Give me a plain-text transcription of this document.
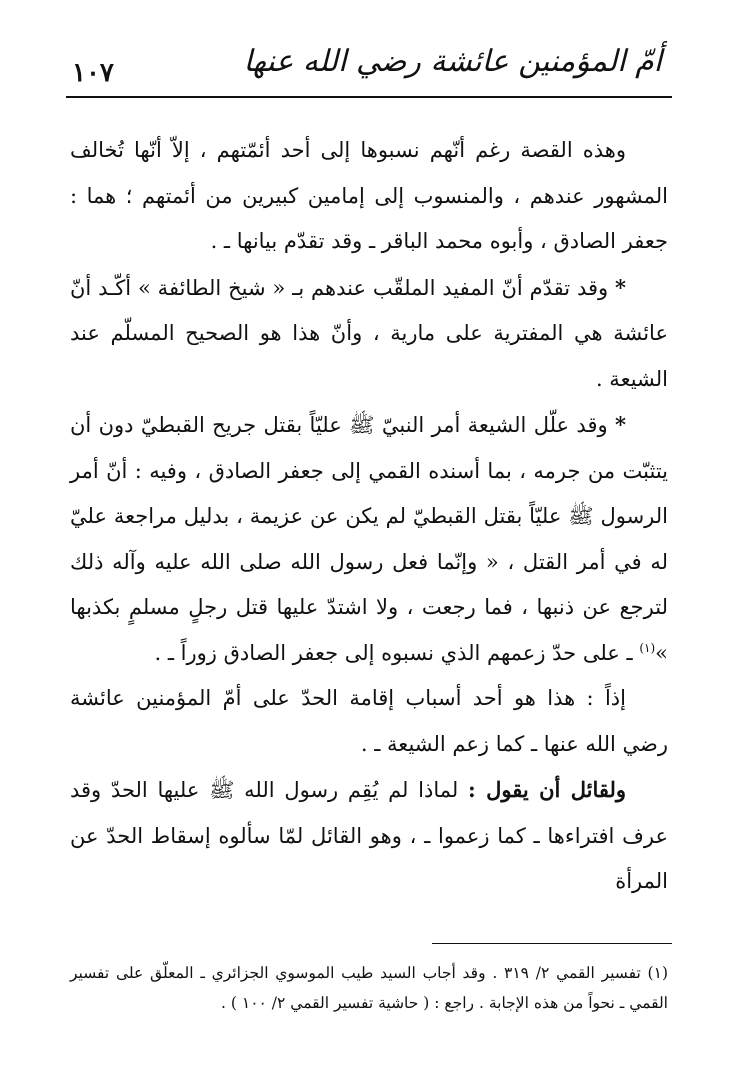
١٠٧	أمّ المؤمنين عائشة رضي الله عنها

وهذه القصة رغم أنّهم نسبوها إلى أحد أئمّتهم ، إلاّ أنّها تُخالف المشهور عندهم ، والمنسوب إلى إمامين كبيرين من أئمتهم ؛ هما : جعفر الصادق ، وأبوه محمد الباقر ـ وقد تقدّم بيانها ـ .

* وقد تقدّم أنّ المفيد الملقّب عندهم بـ « شيخ الطائفة » أكّـد أنّ عائشة هي المفترية على مارية ، وأنّ هذا هو الصحيح المسلّم عند الشيعة .

* وقد علّل الشيعة أمر النبيّ ﷺ عليّاً بقتل جريح القبطيّ دون أن يتثبّت من جرمه ، بما أسنده القمي إلى جعفر الصادق ، وفيه : أنّ أمر الرسول ﷺ عليّاً بقتل القبطيّ لم يكن عن عزيمة ، بدليل مراجعة عليّ له في أمر القتل ، « وإنّما فعل رسول الله صلى الله عليه وآله ذلك لترجع عن ذنبها ، فما رجعت ، ولا اشتدّ عليها قتل رجلٍ مسلمٍ بكذبها »$^{(١)}$ ـ على حدّ زعمهم الذي نسبوه إلى جعفر الصادق زوراً ـ .

إذاً : هذا هو أحد أسباب إقامة الحدّ على أمّ المؤمنين عائشة رضي الله عنها ـ كما زعم الشيعة ـ .

ولقائل أن يقول : لماذا لم يُقِم رسول الله ﷺ عليها الحدّ وقد عرف افتراءها ـ كما زعموا ـ ، وهو القائل لمّا سألوه إسقاط الحدّ عن المرأة

(١) تفسير القمي ٢/ ٣١٩ . وقد أجاب السيد طيب الموسوي الجزائري ـ المعلّق على تفسير القمي ـ نحواً من هذه الإجابة . راجع : ( حاشية تفسير القمي ٢/ ١٠٠ ) .
